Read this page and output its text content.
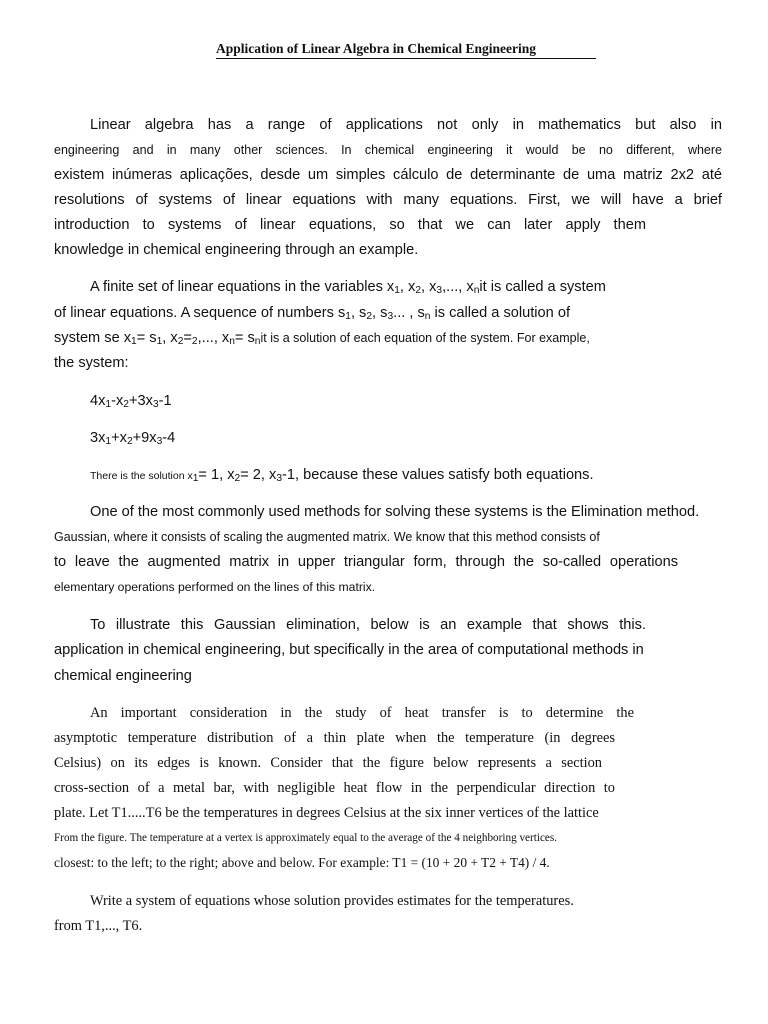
Application of Linear Algebra in Chemical Engineering
Linear algebra has a range of applications not only in mathematics but also in
engineering and in many other sciences. In chemical engineering it would be no different, where
existem inúmeras aplicações, desde um simples cálculo de determinante de uma matriz 2x2 até
resolutions of systems of linear equations with many equations. First, we will have a brief
introduction to systems of linear equations, so that we can later apply them
knowledge in chemical engineering through an example.
A finite set of linear equations in the variables $x_1$, $x_2$, $x_3$,..., $x_nit$ is called a system
of linear equations. A sequence of numbers $s_1$, $s_2$, $s_3$... , $s_n$ is called a solution of
system se $x_1= s_1$, $x_2=_2$,..., $x_n= s_nit$ is a solution of each equation of the system. For example,
the system:
$4x_1-x_2+3x_3-1$
$3x_1+x_2+9x_3-4$
There is the solution $x_1= 1$, $x_2= 2$, $x_3-1$, because these values satisfy both equations.
One of the most commonly used methods for solving these systems is the Elimination method.
Gaussian, where it consists of scaling the augmented matrix. We know that this method consists of
to leave the augmented matrix in upper triangular form, through the so-called operations
elementary operations performed on the lines of this matrix.
To illustrate this Gaussian elimination, below is an example that shows this.
application in chemical engineering, but specifically in the area of computational methods in
chemical engineering
An important consideration in the study of heat transfer is to determine the
asymptotic temperature distribution of a thin plate when the temperature (in degrees
Celsius) on its edges is known. Consider that the figure below represents a section
cross-section of a metal bar, with negligible heat flow in the perpendicular direction to
plate. Let T1.....T6 be the temperatures in degrees Celsius at the six inner vertices of the lattice
From the figure. The temperature at a vertex is approximately equal to the average of the 4 neighboring vertices.
closest: to the left; to the right; above and below. For example: T1 = (10 + 20 + T2 + T4) / 4.
Write a system of equations whose solution provides estimates for the temperatures.
from T1,..., T6.
